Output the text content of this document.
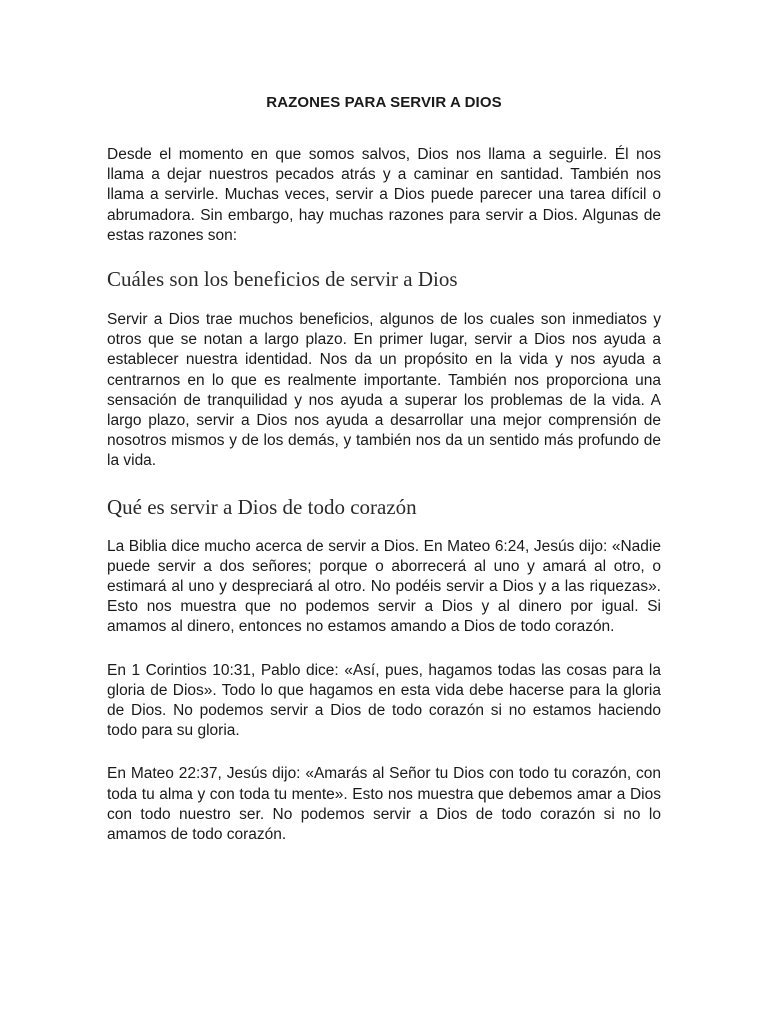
RAZONES PARA SERVIR A DIOS

Desde el momento en que somos salvos, Dios nos llama a seguirle. Él nos llama a dejar nuestros pecados atrás y a caminar en santidad. También nos llama a servirle. Muchas veces, servir a Dios puede parecer una tarea difícil o abrumadora. Sin embargo, hay muchas razones para servir a Dios. Algunas de estas razones son:

Cuáles son los beneficios de servir a Dios

Servir a Dios trae muchos beneficios, algunos de los cuales son inmediatos y otros que se notan a largo plazo. En primer lugar, servir a Dios nos ayuda a establecer nuestra identidad. Nos da un propósito en la vida y nos ayuda a centrarnos en lo que es realmente importante. También nos proporciona una sensación de tranquilidad y nos ayuda a superar los problemas de la vida. A largo plazo, servir a Dios nos ayuda a desarrollar una mejor comprensión de nosotros mismos y de los demás, y también nos da un sentido más profundo de la vida.

Qué es servir a Dios de todo corazón

La Biblia dice mucho acerca de servir a Dios. En Mateo 6:24, Jesús dijo: «Nadie puede servir a dos señores; porque o aborrecerá al uno y amará al otro, o estimará al uno y despreciará al otro. No podéis servir a Dios y a las riquezas». Esto nos muestra que no podemos servir a Dios y al dinero por igual. Si amamos al dinero, entonces no estamos amando a Dios de todo corazón.

En 1 Corintios 10:31, Pablo dice: «Así, pues, hagamos todas las cosas para la gloria de Dios». Todo lo que hagamos en esta vida debe hacerse para la gloria de Dios. No podemos servir a Dios de todo corazón si no estamos haciendo todo para su gloria.

En Mateo 22:37, Jesús dijo: «Amarás al Señor tu Dios con todo tu corazón, con toda tu alma y con toda tu mente». Esto nos muestra que debemos amar a Dios con todo nuestro ser. No podemos servir a Dios de todo corazón si no lo amamos de todo corazón.
